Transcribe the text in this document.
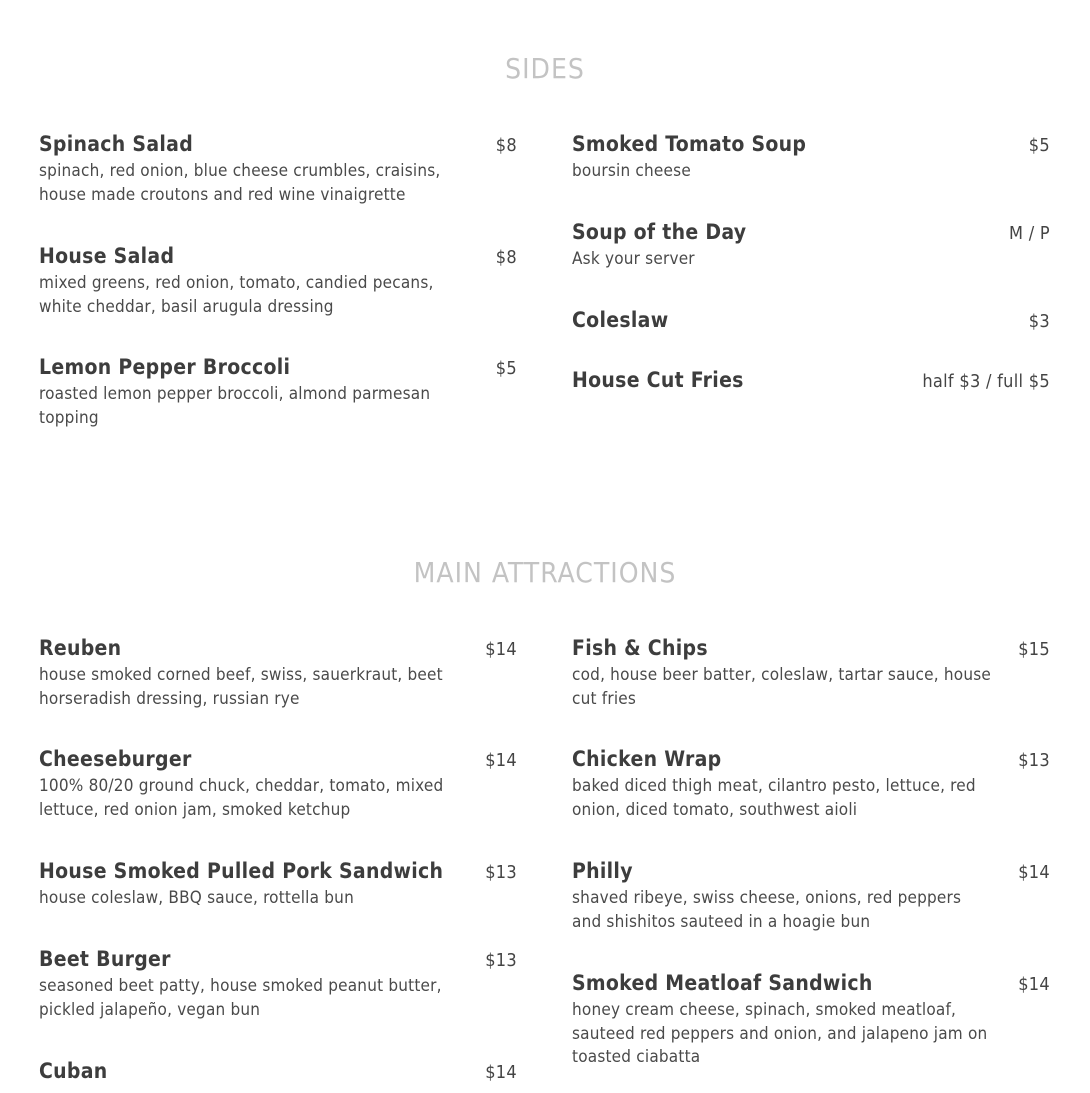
SIDES
Spinach Salad	$8
spinach, red onion, blue cheese crumbles, craisins, house made croutons and red wine vinaigrette
House Salad	$8
mixed greens, red onion, tomato, candied pecans, white cheddar, basil arugula dressing
Lemon Pepper Broccoli	$5
roasted lemon pepper broccoli, almond parmesan topping
Smoked Tomato Soup	$5
boursin cheese
Soup of the Day	M / P
Ask your server
Coleslaw	$3
House Cut Fries	half $3 / full $5
MAIN ATTRACTIONS
Reuben	$14
house smoked corned beef, swiss, sauerkraut, beet horseradish dressing, russian rye
Cheeseburger	$14
100% 80/20 ground chuck, cheddar, tomato, mixed lettuce, red onion jam, smoked ketchup
House Smoked Pulled Pork Sandwich $13
house coleslaw, BBQ sauce, rottella bun
Beet Burger	$13
seasoned beet patty, house smoked peanut butter, pickled jalapeño, vegan bun
Cuban	$14
Fish & Chips	$15
cod, house beer batter, coleslaw, tartar sauce, house cut fries
Chicken Wrap	$13
baked diced thigh meat, cilantro pesto, lettuce, red onion, diced tomato, southwest aioli
Philly	$14
shaved ribeye, swiss cheese, onions, red peppers and shishitos sauteed in a hoagie bun
Smoked Meatloaf Sandwich	$14
honey cream cheese, spinach, smoked meatloaf, sauteed red peppers and onion, and jalapeno jam on toasted ciabatta
